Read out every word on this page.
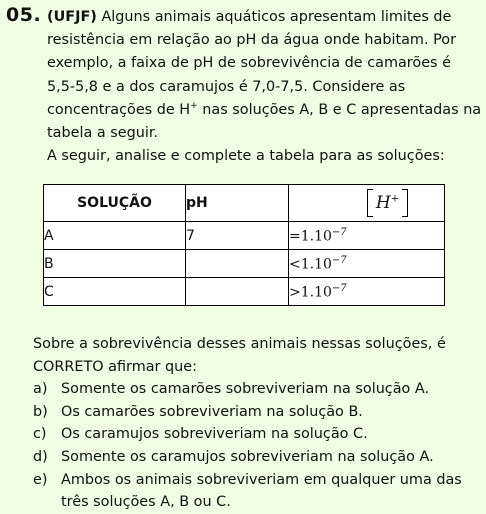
05. (UFJF) Alguns animais aquáticos apresentam limites de
resistência em relação ao pH da água onde habitam. Por
exemplo, a faixa de pH de sobrevivência de camarões é
5,5-5,8 e a dos caramujos é 7,0-7,5. Considere as
concentrações de H+ nas soluções A, B e C apresentadas na
tabela a seguir.
A seguir, analise e complete a tabela para as soluções:
SOLUÇÃO	pH	H+

A	7	$=1.10^{-7}$
B		$<1.10^{-7}$
C		$>1.10^{-7}$
Sobre a sobrevivência desses animais nessas soluções, é
CORRETO afirmar que:
a) Somente os camarões sobreviveriam na solução A.
b) Os camarões sobreviveriam na solução B.
c) Os caramujos sobreviveriam na solução C.
d) Somente os caramujos sobreviveriam na solução A.
e) Ambos os animais sobreviveriam em qualquer uma das
três soluções A, B ou C.
